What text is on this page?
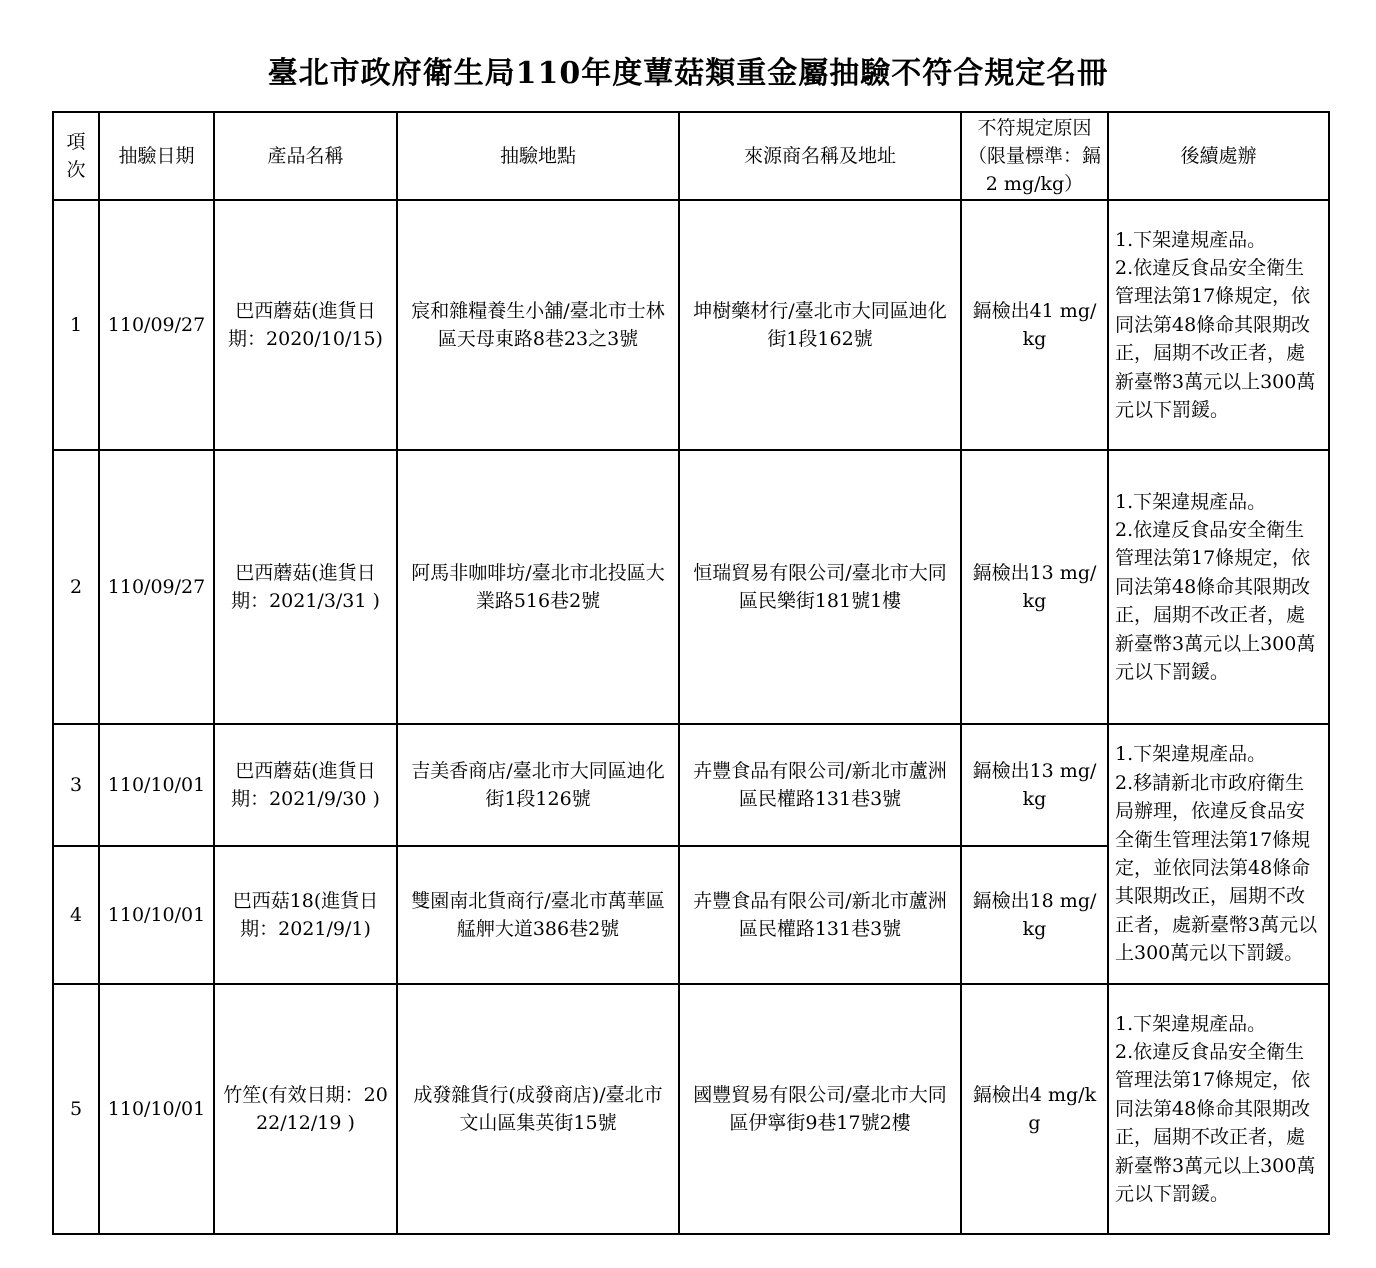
臺北市政府衛生局110年度蕈菇類重金屬抽驗不符合規定名冊
項次	抽驗日期	產品名稱	抽驗地點	來源商名稱及地址	不符規定原因（限量標準：鎘 2 mg/kg）	後續處辦
1	110/09/27	巴西蘑菇(進貨日期：2020/10/15)	宸和雜糧養生小舖/臺北市士林區天母東路8巷23之3號	坤樹藥材行/臺北市大同區迪化街1段162號	鎘檢出41 mg/kg	1.下架違規產品。
2.依違反食品安全衛生管理法第17條規定，依同法第48條命其限期改正，屆期不改正者，處新臺幣3萬元以上300萬元以下罰鍰。
2	110/09/27	巴西蘑菇(進貨日期：2021/3/31 )	阿馬非咖啡坊/臺北市北投區大業路516巷2號	恒瑞貿易有限公司/臺北市大同區民樂街181號1樓	鎘檢出13 mg/kg	1.下架違規產品。
2.依違反食品安全衛生管理法第17條規定，依同法第48條命其限期改正，屆期不改正者，處新臺幣3萬元以上300萬元以下罰鍰。
3	110/10/01	巴西蘑菇(進貨日期：2021/9/30 )	吉美香商店/臺北市大同區迪化街1段126號	卉豐食品有限公司/新北市蘆洲區民權路131巷3號	鎘檢出13 mg/kg	1.下架違規產品。
2.移請新北市政府衛生局辦理，依違反食品安全衛生管理法第17條規定，並依同法第48條命其限期改正，屆期不改正者，處新臺幣3萬元以上300萬元以下罰鍰。
4	110/10/01	巴西菇18(進貨日期：2021/9/1)	雙園南北貨商行/臺北市萬華區艋舺大道386巷2號	卉豐食品有限公司/新北市蘆洲區民權路131巷3號	鎘檢出18 mg/kg	
5	110/10/01	竹笙(有效日期：2022/12/19 )	成發雜貨行(成發商店)/臺北市文山區集英街15號	國豐貿易有限公司/臺北市大同區伊寧街9巷17號2樓	鎘檢出4 mg/kg	1.下架違規產品。
2.依違反食品安全衛生管理法第17條規定，依同法第48條命其限期改正，屆期不改正者，處新臺幣3萬元以上300萬元以下罰鍰。
